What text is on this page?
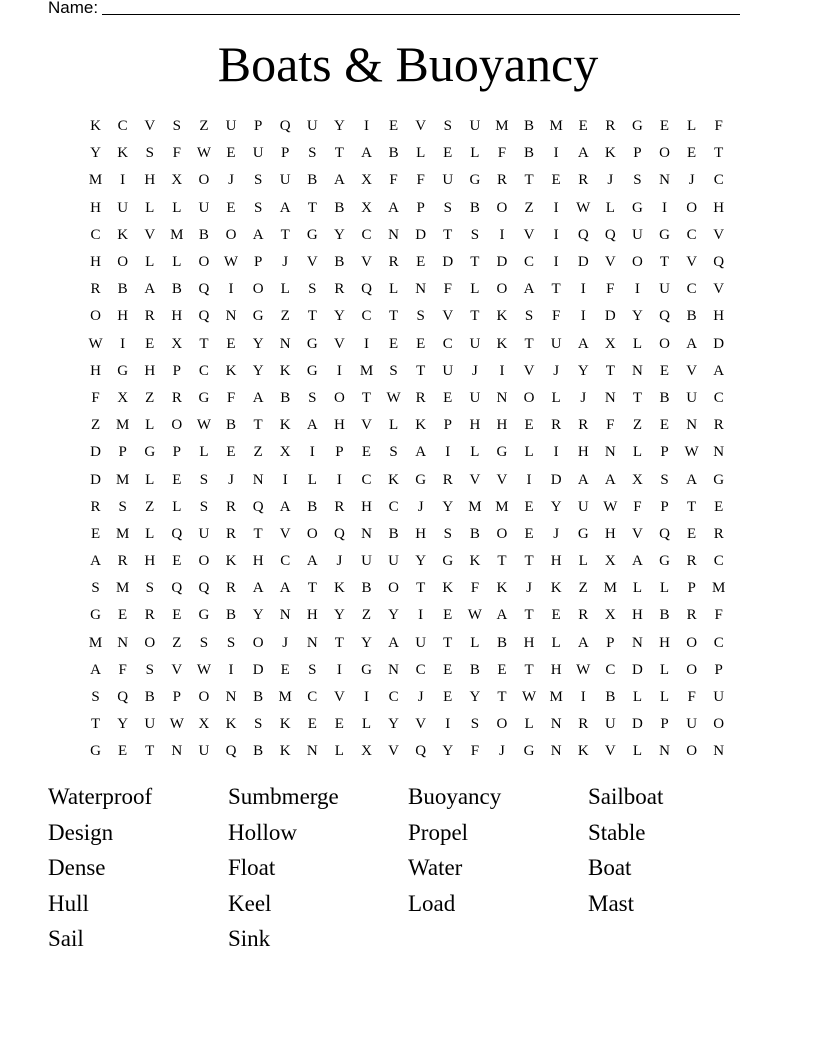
Name:
Boats & Buoyancy
K	C	V	S	Z	U	P	Q	U	Y	I	E	V	S	U	M	B	M	E	R	G	E	L	F
Y	K	S	F	W	E	U	P	S	T	A	B	L	E	L	F	B	I	A	K	P	O	E	T
M	I	H	X	O	J	S	U	B	A	X	F	F	U	G	R	T	E	R	J	S	N	J	C
H	U	L	L	U	E	S	A	T	B	X	A	P	S	B	O	Z	I	W	L	G	I	O	H
C	K	V	M	B	O	A	T	G	Y	C	N	D	T	S	I	V	I	Q	Q	U	G	C	V
H	O	L	L	O W	P	J	V	B	V	R	E	D	T	D	C	I	D	V	O	T	V	Q
R	B	A	B	Q	I	O	L	S	R	Q	L	N	F	L	O	A	T	I	F	I	U	C	V
O	H	R	H	Q	N	G	Z	T	Y	C	T	S	V	T	K	S	F	I	D	Y	Q	B	H
W	I	E	X	T	E	Y	N	G	V	I	E	E	C	U	K	T	U	A	X	L	O	A	D
H	G	H	P	C	K	Y	K	G	I	M	S	T	U	J	I	V	J	Y	T	N	E	V	A
F	X	Z	R	G	F	A	B	S	O	T	W	R	E	U	N	O	L	J	N	T	B	U	C
Z	M	L	O W	B	T	K	A	H	V	L	K	P	H	H	E	R	R	F	Z	E	N	R
D	P	G	P	L	E	Z	X	I	P	E	S	A	I	L	G	L	I	H	N	L	P	W N
D	M	L	E	S	J	N	I	L	I	C	K	G	R	V	V	I	D	A	A	X	S	A	G
R	S	Z	L	S	R	Q	A	B	R	H	C	J	Y	M M	E	Y	U W	F	P	T	E
E	M	L	Q	U	R	T	V	O	Q	N	B	H	S	B	O	E	J	G	H	V	Q	E	R
A	R	H	E	O	K	H	C	A	J	U	U	Y	G	K	T	T	H	L	X	A	G	R	C
S	M	S	Q	Q	R	A	A	T	K	B	O	T	K	F	K	J	K	Z	M	L	L	P	M
G	E	R	E	G	B	Y	N	H	Y	Z	Y	I	E	W A	T	E	R	X	H	B	R	F
M	N	O	Z	S	S	O	J	N	T	Y	A	U	T	L	B	H	L	A	P	N	H	O	C
A	F	S	V W	I	D	E	S	I	G	N	C	E	B	E	T	H W	C	D	L	O	P
S	Q	B	P	O	N	B	M	C	V	I	C	J	E	Y	T	W M	I	B	L	L	F	U
T	Y	U W X	K	S	K	E	E	L	Y	V	I	S	O	L	N	R	U	D	P	U	O
G	E	T	N	U	Q	B	K	N	L	X	V	Q	Y	F	J	G	N	K	V	L	N	O	N
Waterproof	Sumbmerge	Buoyancy	Sailboat
Design	Hollow	Propel	Stable
Dense	Float	Water	Boat
Hull	Keel	Load	Mast
Sail	Sink
